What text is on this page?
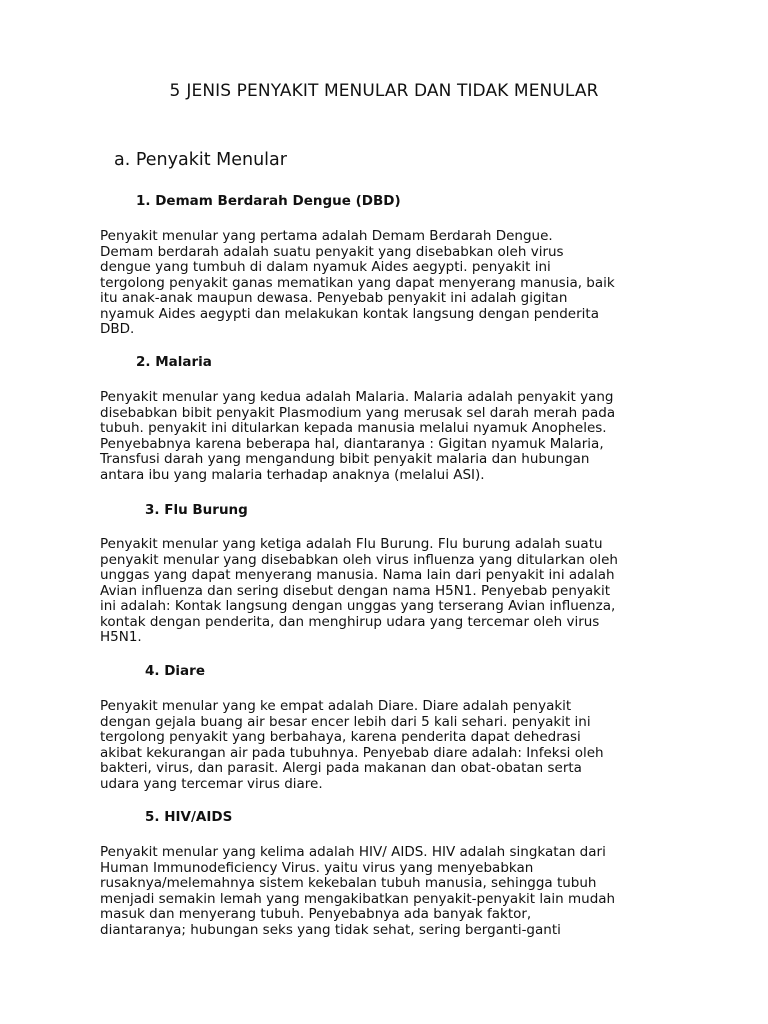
5 JENIS PENYAKIT MENULAR DAN TIDAK MENULAR
a. Penyakit Menular
1. Demam Berdarah Dengue (DBD)

Penyakit menular yang pertama adalah Demam Berdarah Dengue.
Demam berdarah adalah suatu penyakit yang disebabkan oleh virus
dengue yang tumbuh di dalam nyamuk Aides aegypti. penyakit ini
tergolong penyakit ganas mematikan yang dapat menyerang manusia, baik
itu anak-anak maupun dewasa. Penyebab penyakit ini adalah gigitan
nyamuk Aides aegypti dan melakukan kontak langsung dengan penderita
DBD.

2. Malaria

Penyakit menular yang kedua adalah Malaria. Malaria adalah penyakit yang
disebabkan bibit penyakit Plasmodium yang merusak sel darah merah pada
tubuh. penyakit ini ditularkan kepada manusia melalui nyamuk Anopheles.
Penyebabnya karena beberapa hal, diantaranya : Gigitan nyamuk Malaria,
Transfusi darah yang mengandung bibit penyakit malaria dan hubungan
antara ibu yang malaria terhadap anaknya (melalui ASI).

3. Flu Burung

Penyakit menular yang ketiga adalah Flu Burung. Flu burung adalah suatu
penyakit menular yang disebabkan oleh virus influenza yang ditularkan oleh
unggas yang dapat menyerang manusia. Nama lain dari penyakit ini adalah
Avian influenza dan sering disebut dengan nama H5N1. Penyebab penyakit
ini adalah: Kontak langsung dengan unggas yang terserang Avian influenza,
kontak dengan penderita, dan menghirup udara yang tercemar oleh virus
H5N1.

4. Diare

Penyakit menular yang ke empat adalah Diare. Diare adalah penyakit
dengan gejala buang air besar encer lebih dari 5 kali sehari. penyakit ini
tergolong penyakit yang berbahaya, karena penderita dapat dehedrasi
akibat kekurangan air pada tubuhnya. Penyebab diare adalah: Infeksi oleh
bakteri, virus, dan parasit. Alergi pada makanan dan obat-obatan serta
udara yang tercemar virus diare.

5. HIV/AIDS

Penyakit menular yang kelima adalah HIV/ AIDS. HIV adalah singkatan dari
Human Immunodeficiency Virus. yaitu virus yang menyebabkan
rusaknya/melemahnya sistem kekebalan tubuh manusia, sehingga tubuh
menjadi semakin lemah yang mengakibatkan penyakit-penyakit lain mudah
masuk dan menyerang tubuh. Penyebabnya ada banyak faktor,
diantaranya; hubungan seks yang tidak sehat, sering berganti-ganti
